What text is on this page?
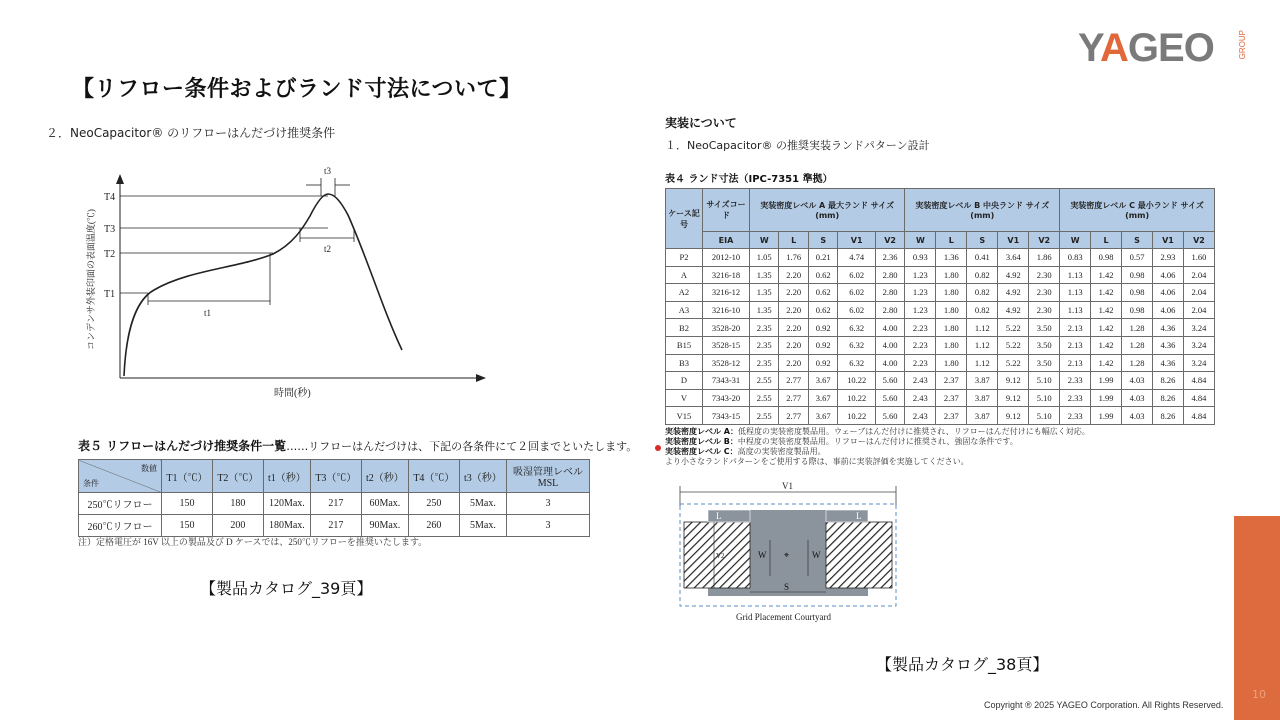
【リフロー条件およびランド寸法について】
YAGEO	GROUP
２．NeoCapacitor® のリフローはんだづけ推奨条件
T4
T3
T2
T1
t1
t2
t3
時間(秒)
コンデンサ外装印面の表面温度(℃)
表５ リフローはんだづけ推奨条件一覧……リフローはんだづけは、下記の各条件にて２回までといたします。
数値
条件	T1（℃）	T2（℃）	t1（秒）	T3（℃）	t2（秒）	T4（℃）	t3（秒）	吸湿管理レベル MSL
250℃リフロー	150	180	120Max.	217	60Max.	250	5Max.	3
260℃リフロー	150	200	180Max.	217	90Max.	260	5Max.	3
注）定格電圧が 16V 以上の製品及び D ケースでは、250℃リフローを推奨いたします。
【製品カタログ_39頁】
実装について
１．NeoCapacitor® の推奨実装ランドパターン設計
表４ ランド寸法（IPC-7351 準拠）
ケース記号	サイズコード	実装密度レベル A 最大ランド サイズ (mm)					実装密度レベル B 中央ランド サイズ (mm)					実装密度レベル C 最小ランド サイズ (mm)				
	EIA	W	L	S	V1	V2	W	L	S	V1	V2	W	L	S	V1	V2
P2	2012-10	1.05	1.76	0.21	4.74	2.36	0.93	1.36	0.41	3.64	1.86	0.83	0.98	0.57	2.93	1.60
A	3216-18	1.35	2.20	0.62	6.02	2.80	1.23	1.80	0.82	4.92	2.30	1.13	1.42	0.98	4.06	2.04
A2	3216-12	1.35	2.20	0.62	6.02	2.80	1.23	1.80	0.82	4.92	2.30	1.13	1.42	0.98	4.06	2.04
A3	3216-10	1.35	2.20	0.62	6.02	2.80	1.23	1.80	0.82	4.92	2.30	1.13	1.42	0.98	4.06	2.04
B2	3528-20	2.35	2.20	0.92	6.32	4.00	2.23	1.80	1.12	5.22	3.50	2.13	1.42	1.28	4.36	3.24
B15	3528-15	2.35	2.20	0.92	6.32	4.00	2.23	1.80	1.12	5.22	3.50	2.13	1.42	1.28	4.36	3.24
B3	3528-12	2.35	2.20	0.92	6.32	4.00	2.23	1.80	1.12	5.22	3.50	2.13	1.42	1.28	4.36	3.24
D	7343-31	2.55	2.77	3.67	10.22	5.60	2.43	2.37	3.87	9.12	5.10	2.33	1.99	4.03	8.26	4.84
V	7343-20	2.55	2.77	3.67	10.22	5.60	2.43	2.37	3.87	9.12	5.10	2.33	1.99	4.03	8.26	4.84
V15	7343-15	2.55	2.77	3.67	10.22	5.60	2.43	2.37	3.87	9.12	5.10	2.33	1.99	4.03	8.26	4.84
実装密度レベル A：低程度の実装密度製品用。ウェーブはんだ付けに推奨され、リフローはんだ付けにも幅広く対応。
実装密度レベル B：中程度の実装密度製品用。リフローはんだ付けに推奨され、強固な条件です。
実装密度レベル C：高度の実装密度製品用。
より小さなランドパターンをご使用する際は、事前に実装評価を実施してください。
V1
L	L
W	W
⌖
S
V2
Grid Placement Courtyard
【製品カタログ_38頁】
10
Copyright ® 2025 YAGEO Corporation. All Rights Reserved.
